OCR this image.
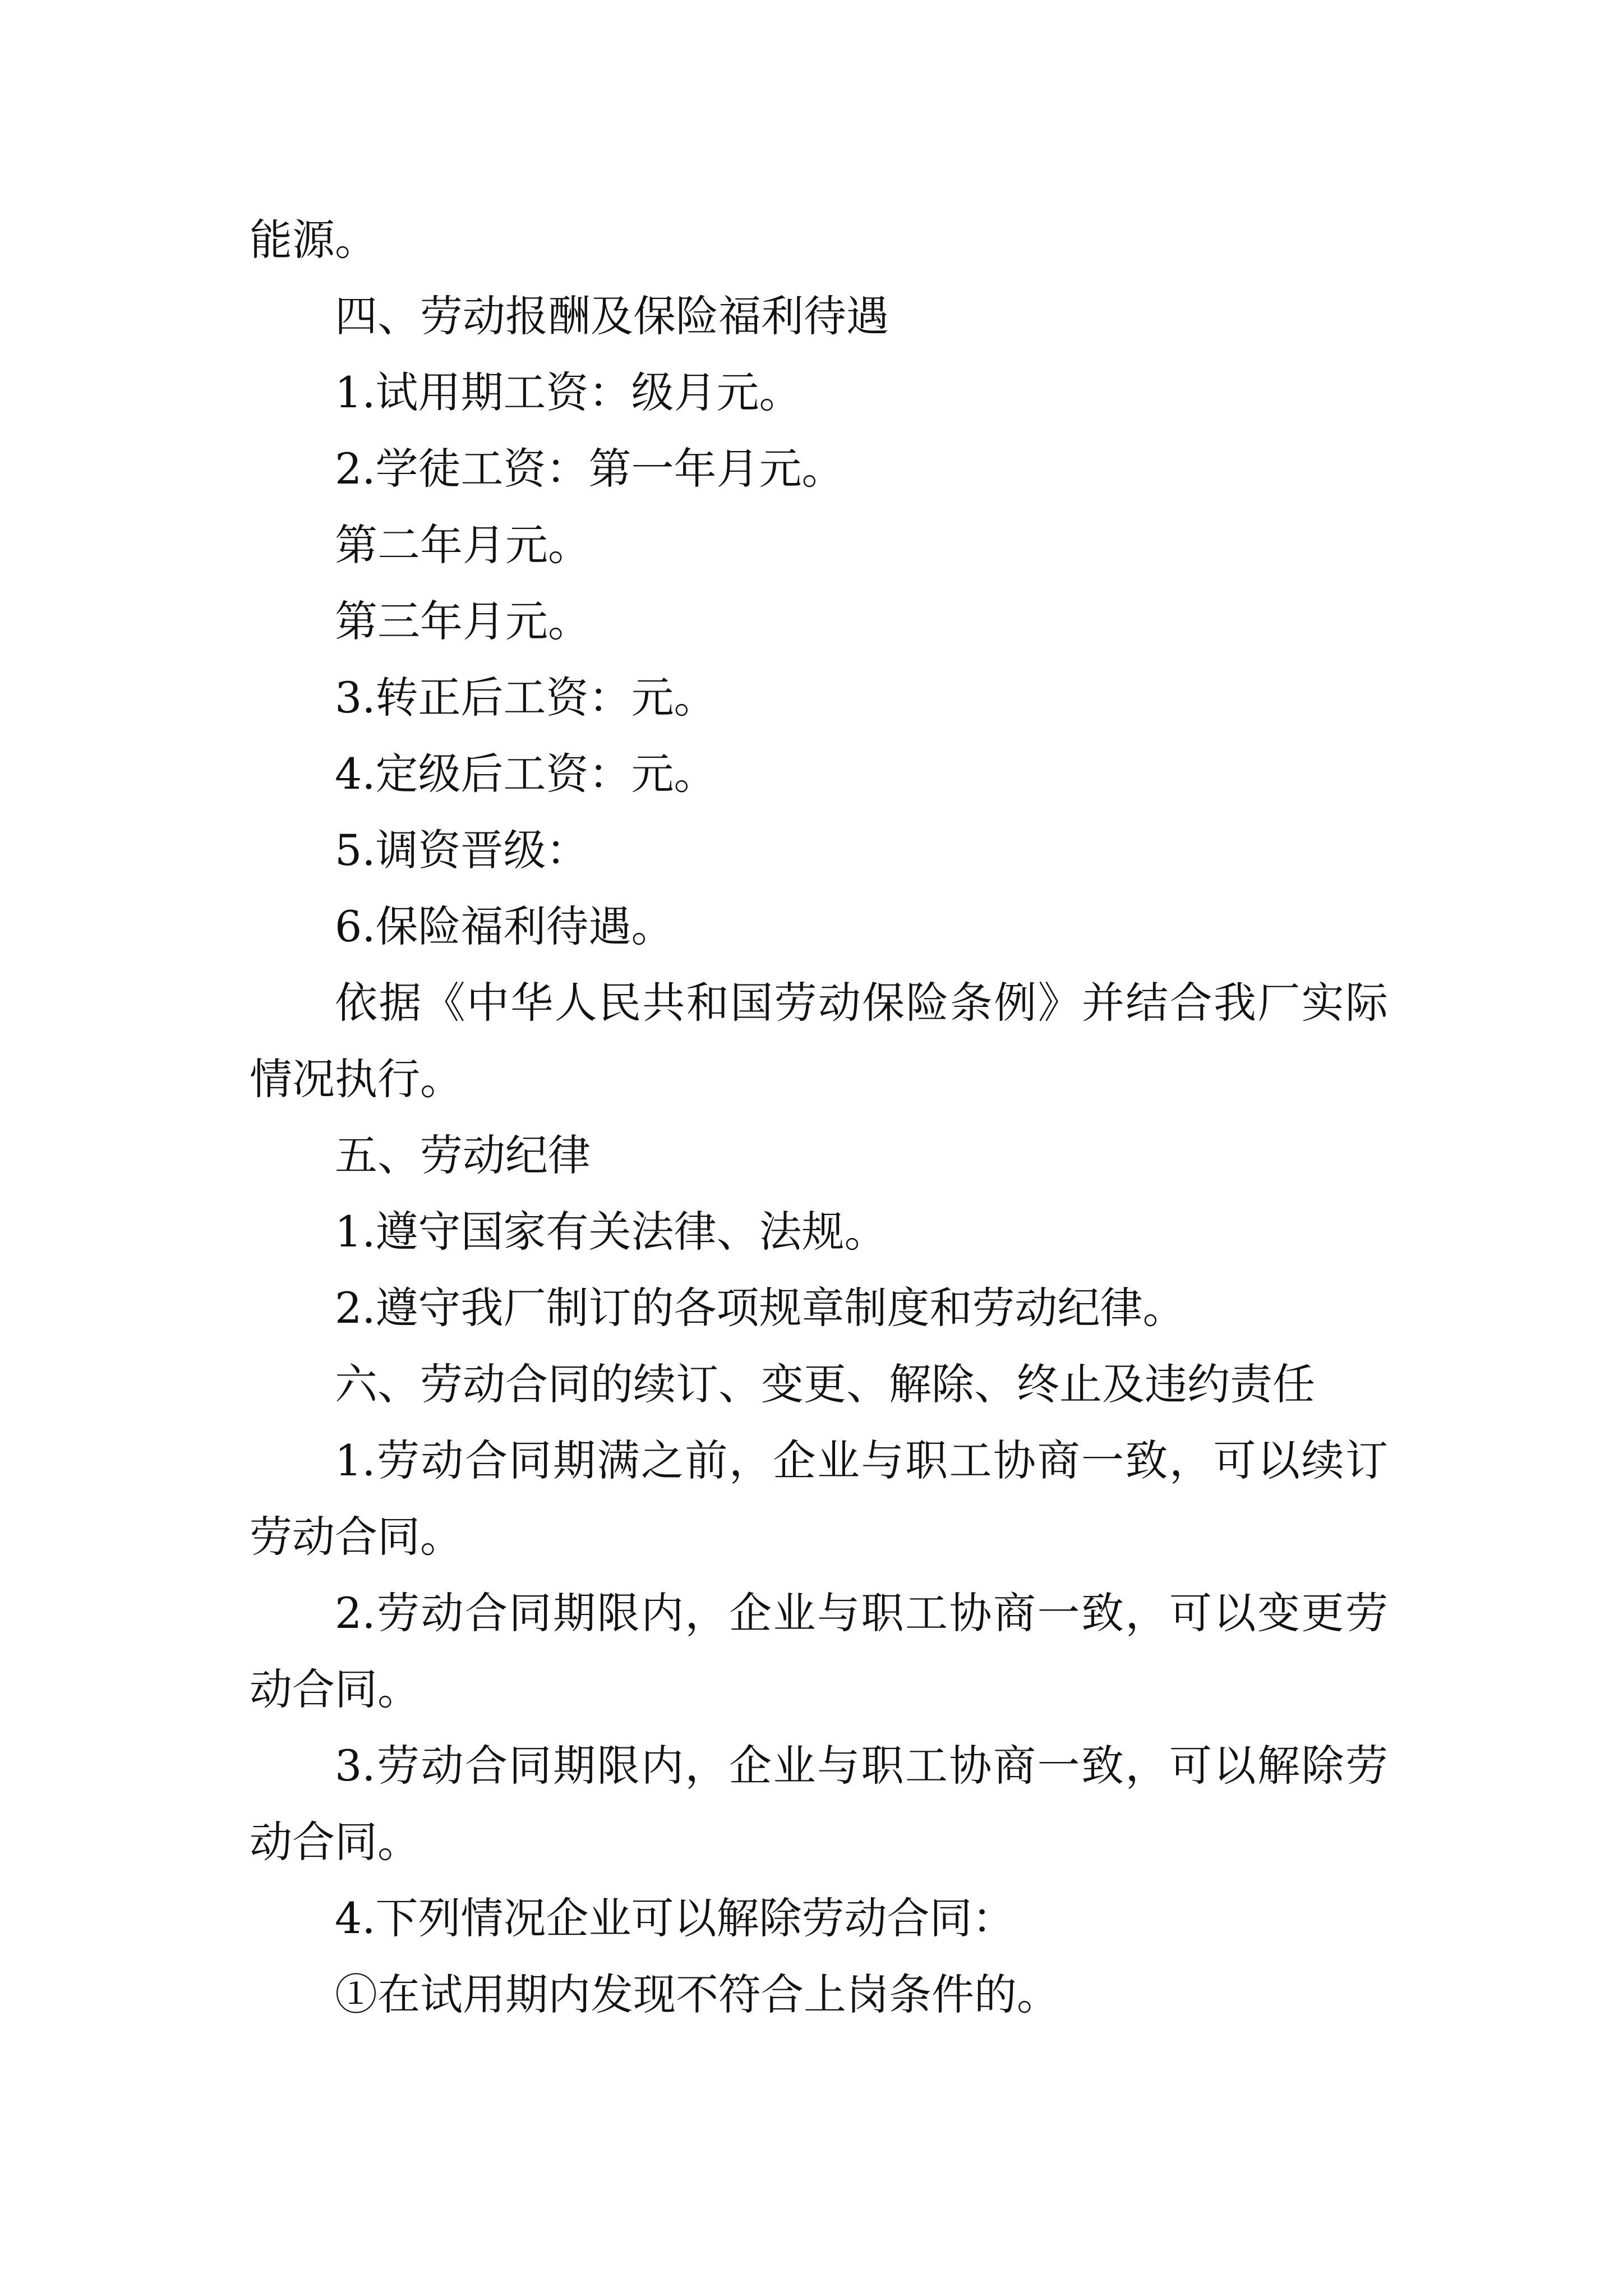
能源。

四、劳动报酬及保险福利待遇

1.试用期工资：级月元。

2.学徒工资：第一年月元。

第二年月元。

第三年月元。

3.转正后工资：元。

4.定级后工资：元。

5.调资晋级：

6.保险福利待遇。

依据《中华人民共和国劳动保险条例》并结合我厂实际情况执行。

五、劳动纪律

1.遵守国家有关法律、法规。

2.遵守我厂制订的各项规章制度和劳动纪律。

六、劳动合同的续订、变更、解除、终止及违约责任

1.劳动合同期满之前，企业与职工协商一致，可以续订劳动合同。

2.劳动合同期限内，企业与职工协商一致，可以变更劳动合同。

3.劳动合同期限内，企业与职工协商一致，可以解除劳动合同。

4.下列情况企业可以解除劳动合同：

①在试用期内发现不符合上岗条件的。
